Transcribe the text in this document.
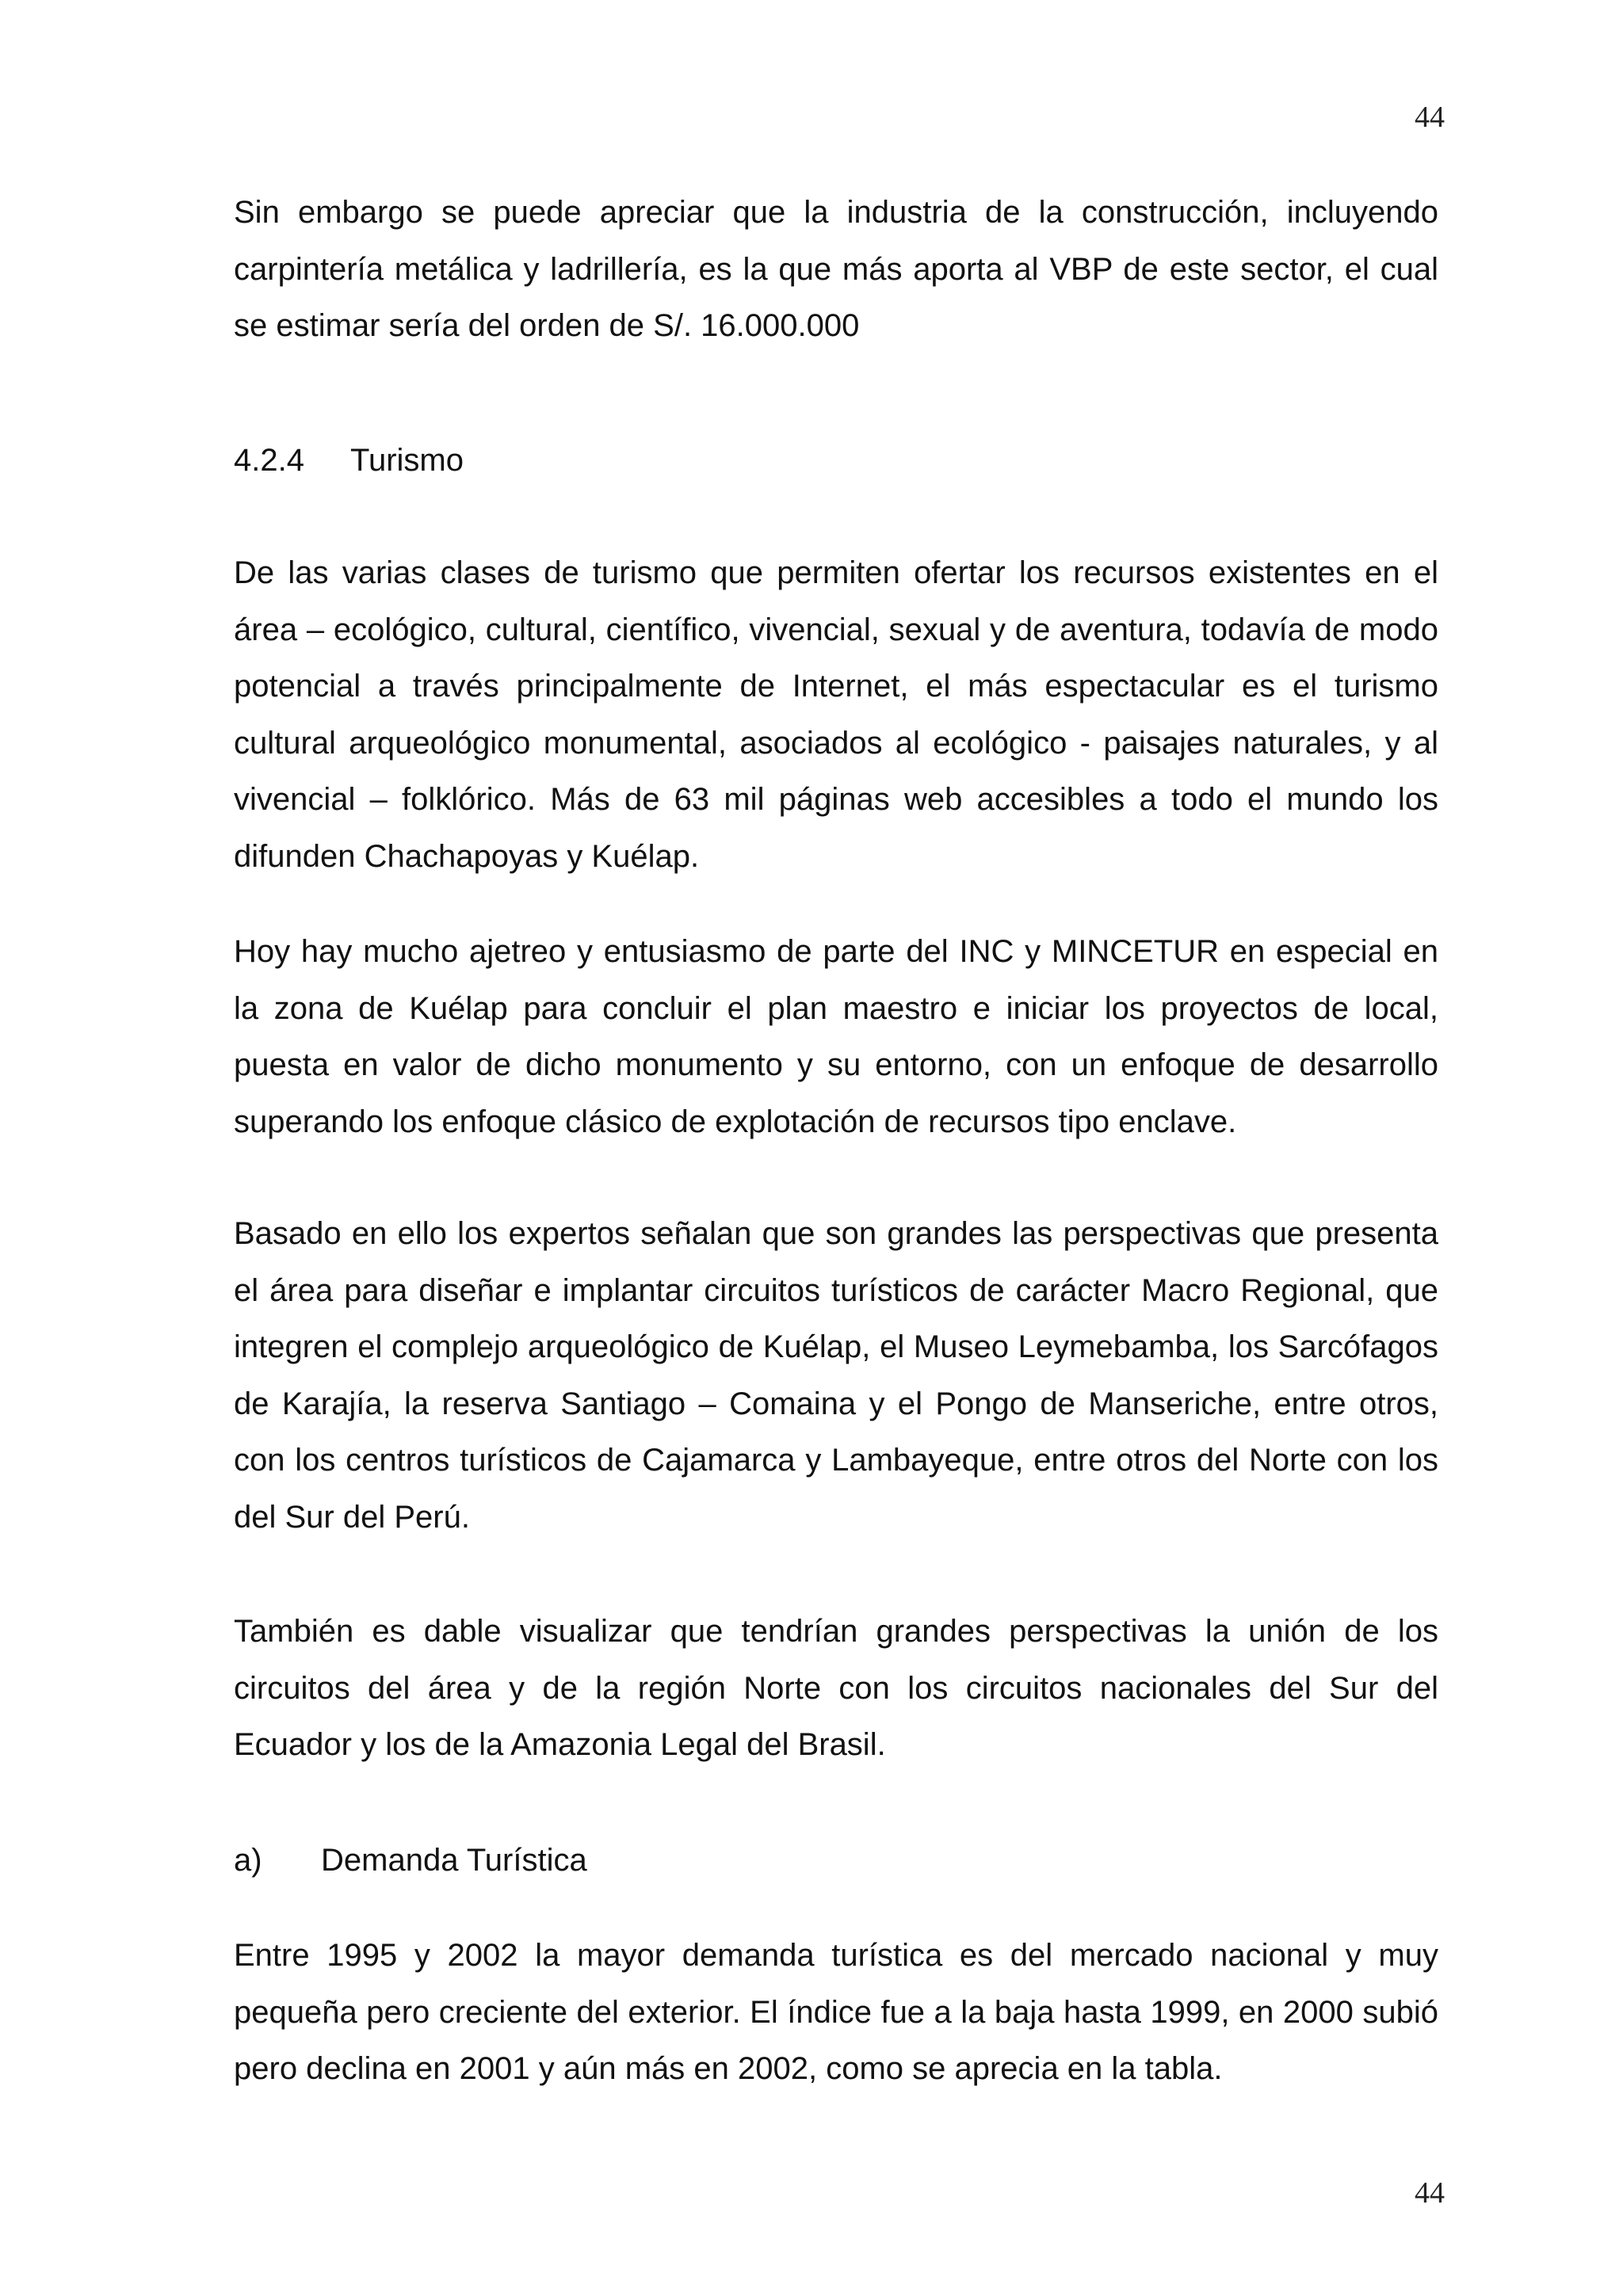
44

Sin embargo se puede apreciar que la industria de la construcción, incluyendo carpintería metálica y ladrillería, es la que más aporta al VBP de este sector, el cual se estimar sería del orden de S/. 16.000.000

4.2.4 Turismo

De las varias clases de turismo que permiten ofertar los recursos existentes en el área – ecológico, cultural, científico, vivencial, sexual y de aventura, todavía de modo potencial a través principalmente de Internet, el más espectacular es el turismo cultural arqueológico monumental, asociados al ecológico - paisajes naturales, y al vivencial – folklórico. Más de 63 mil páginas web accesibles a todo el mundo los difunden Chachapoyas y Kuélap.

Hoy hay mucho ajetreo y entusiasmo de parte del INC y MINCETUR en especial en la zona de Kuélap para concluir el plan maestro e iniciar los proyectos de local, puesta en valor de dicho monumento y su entorno, con un enfoque de desarrollo superando los enfoque clásico de explotación de recursos tipo enclave.

Basado en ello los expertos señalan que son grandes las perspectivas que presenta el área para diseñar e implantar circuitos turísticos de carácter Macro Regional, que integren el complejo arqueológico de Kuélap, el Museo Leymebamba, los Sarcófagos de Karajía, la reserva Santiago – Comaina y el Pongo de Manseriche, entre otros, con los centros turísticos de Cajamarca y Lambayeque, entre otros del Norte con los del Sur del Perú.

También es dable visualizar que tendrían grandes perspectivas la unión de los circuitos del área y de la región Norte con los circuitos nacionales del Sur del Ecuador y los de la Amazonia Legal del Brasil.

a) Demanda Turística

Entre 1995 y 2002 la mayor demanda turística es del mercado nacional y muy pequeña pero creciente del exterior. El índice fue a la baja hasta 1999, en 2000 subió pero declina en 2001 y aún más en 2002, como se aprecia en la tabla.

44
